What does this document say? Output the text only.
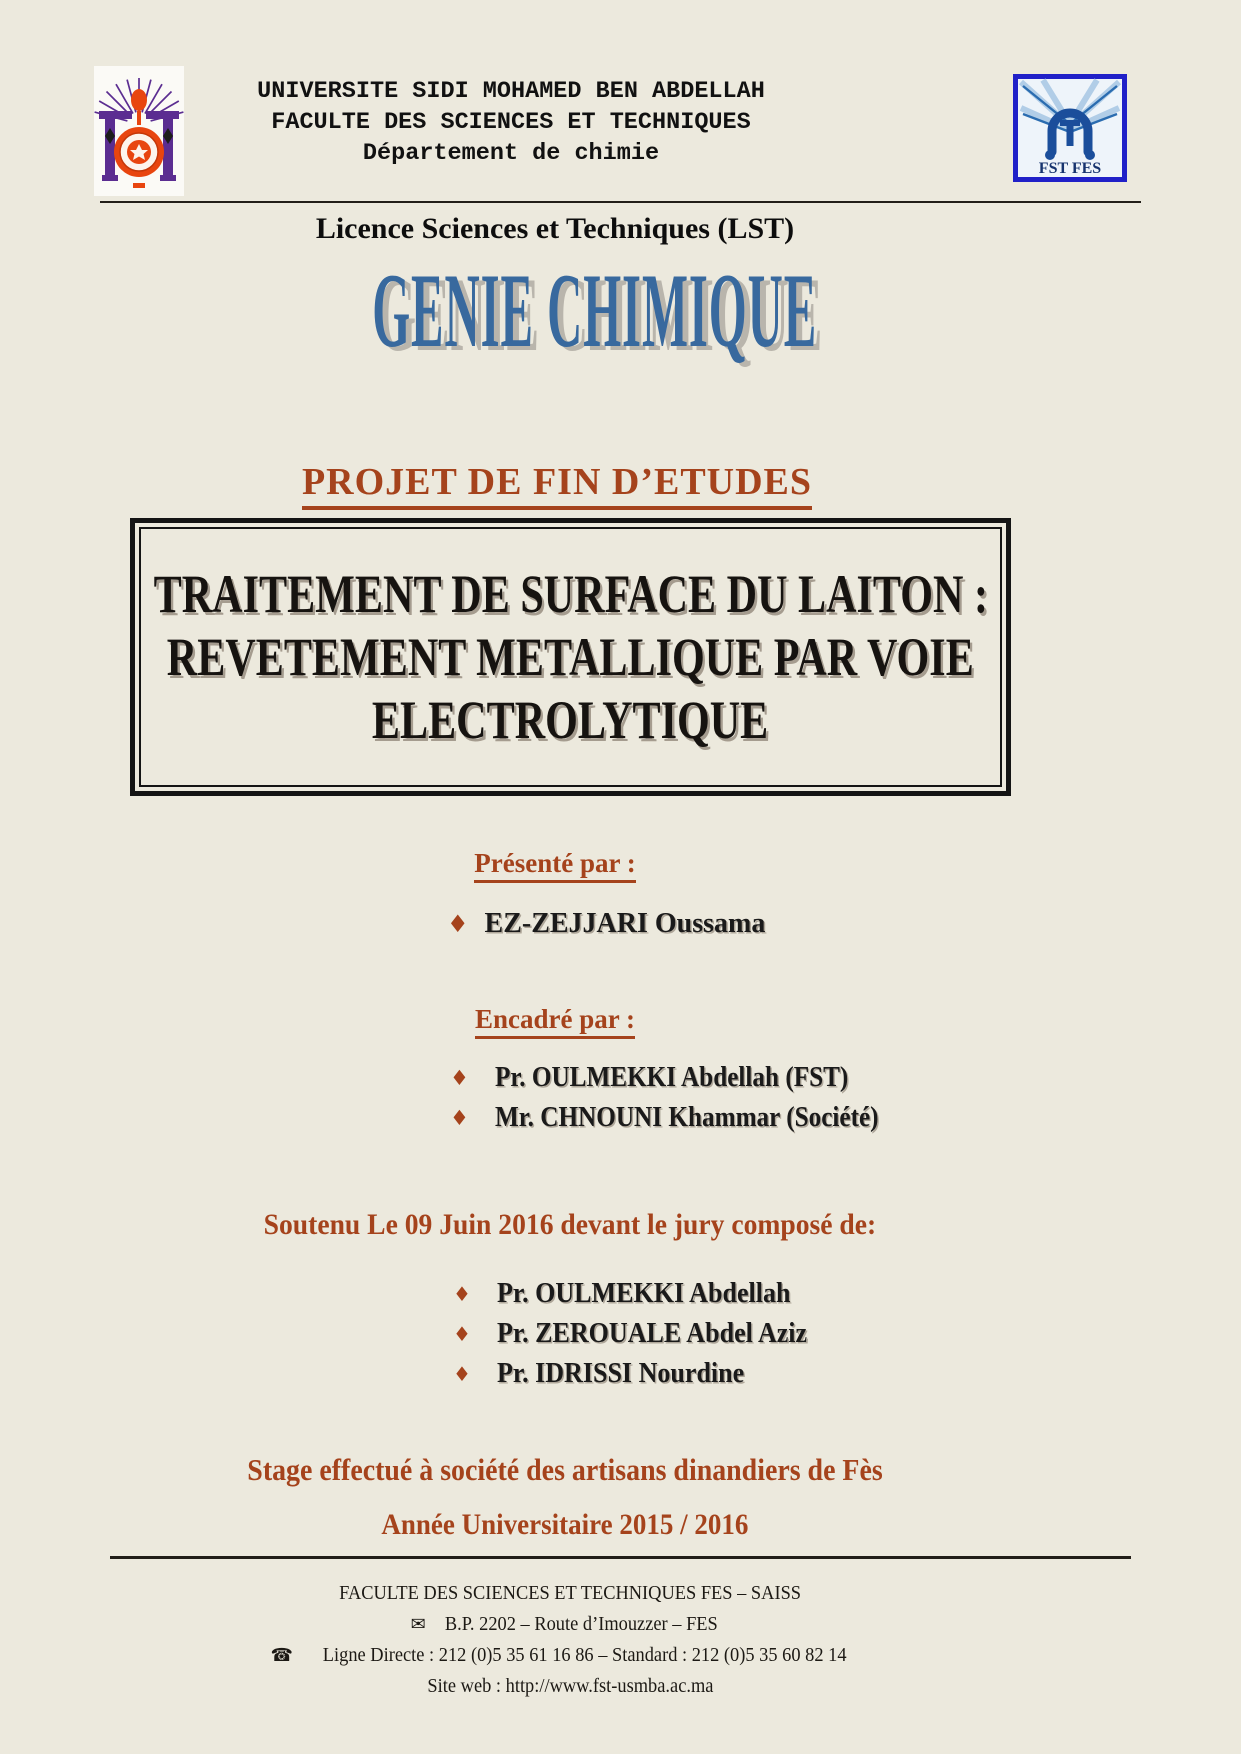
UNIVERSITE SIDI MOHAMED BEN ABDELLAH
FACULTE DES SCIENCES ET TECHNIQUES
Département de chimie
FST FES
Licence Sciences et Techniques (LST)
GENIE CHIMIQUE
PROJET DE FIN D’ETUDES
TRAITEMENT DE SURFACE DU LAITON :
REVETEMENT METALLIQUE PAR VOIE
ELECTROLYTIQUE
Présenté par :
♦ EZ-ZEJJARI Oussama
Encadré par :
♦ Pr. OULMEKKI Abdellah (FST)
♦ Mr. CHNOUNI Khammar (Société)
Soutenu Le 09 Juin 2016 devant le jury composé de:
♦ Pr. OULMEKKI Abdellah
♦ Pr. ZEROUALE Abdel Aziz
♦ Pr. IDRISSI Nourdine
Stage effectué à société des artisans dinandiers de Fès
Année Universitaire 2015 / 2016
FACULTE DES SCIENCES ET TECHNIQUES FES – SAISS
✉ B.P. 2202 – Route d’Imouzzer – FES
☎ Ligne Directe : 212 (0)5 35 61 16 86 – Standard : 212 (0)5 35 60 82 14
Site web : http://www.fst-usmba.ac.ma
